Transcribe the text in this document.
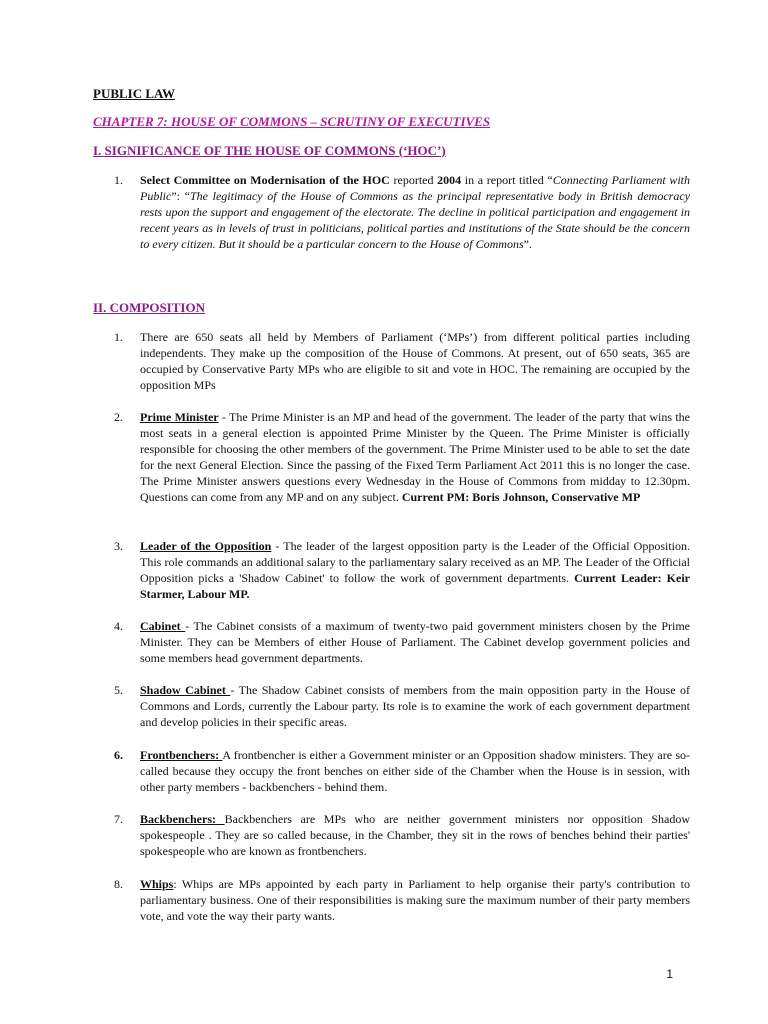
PUBLIC LAW
CHAPTER 7: HOUSE OF COMMONS – SCRUTINY OF EXECUTIVES
I. SIGNIFICANCE OF THE HOUSE OF COMMONS (‘HOC’)
1.	Select Committee on Modernisation of the HOC reported 2004 in a report titled “Connecting Parliament with Public”: “The legitimacy of the House of Commons as the principal representative body in British democracy rests upon the support and engagement of the electorate. The decline in political participation and engagement in recent years as in levels of trust in politicians, political parties and institutions of the State should be the concern to every citizen. But it should be a particular concern to the House of Commons”.
II. COMPOSITION
1.	There are 650 seats all held by Members of Parliament (‘MPs’) from different political parties including independents. They make up the composition of the House of Commons. At present, out of 650 seats, 365 are occupied by Conservative Party MPs who are eligible to sit and vote in HOC. The remaining are occupied by the opposition MPs
2.	Prime Minister - The Prime Minister is an MP and head of the government. The leader of the party that wins the most seats in a general election is appointed Prime Minister by the Queen. The Prime Minister is officially responsible for choosing the other members of the government. The Prime Minister used to be able to set the date for the next General Election. Since the passing of the Fixed Term Parliament Act 2011 this is no longer the case. The Prime Minister answers questions every Wednesday in the House of Commons from midday to 12.30pm. Questions can come from any MP and on any subject. Current PM: Boris Johnson, Conservative MP
3.	Leader of the Opposition - The leader of the largest opposition party is the Leader of the Official Opposition. This role commands an additional salary to the parliamentary salary received as an MP. The Leader of the Official Opposition picks a 'Shadow Cabinet' to follow the work of government departments. Current Leader: Keir Starmer, Labour MP.
4.	Cabinet - The Cabinet consists of a maximum of twenty-two paid government ministers chosen by the Prime Minister. They can be Members of either House of Parliament. The Cabinet develop government policies and some members head government departments.
5.	Shadow Cabinet - The Shadow Cabinet consists of members from the main opposition party in the House of Commons and Lords, currently the Labour party. Its role is to examine the work of each government department and develop policies in their specific areas.
6.	Frontbenchers: A frontbencher is either a Government minister or an Opposition shadow ministers. They are so-called because they occupy the front benches on either side of the Chamber when the House is in session, with other party members - backbenchers - behind them.
7.	Backbenchers: Backbenchers are MPs who are neither government ministers nor opposition Shadow spokespeople . They are so called because, in the Chamber, they sit in the rows of benches behind their parties' spokespeople who are known as frontbenchers.
8.	Whips: Whips are MPs appointed by each party in Parliament to help organise their party's contribution to parliamentary business. One of their responsibilities is making sure the maximum number of their party members vote, and vote the way their party wants.
1
